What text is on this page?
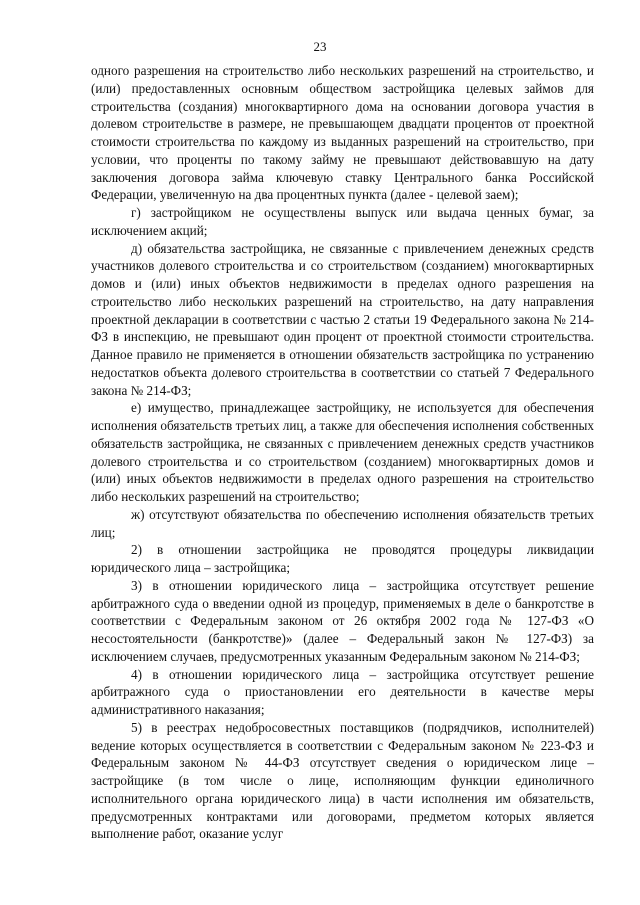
23

одного разрешения на строительство либо нескольких разрешений на строительство, и (или) предоставленных основным обществом застройщика целевых займов для строительства (создания) многоквартирного дома на основании договора участия в долевом строительстве в размере, не превышающем двадцати процентов от проектной стоимости строительства по каждому из выданных разрешений на строительство, при условии, что проценты по такому займу не превышают действовавшую на дату заключения договора займа ключевую ставку Центрального банка Российской Федерации, увеличенную на два процентных пункта (далее - целевой заем);

г) застройщиком не осуществлены выпуск или выдача ценных бумаг, за исключением акций;

д) обязательства застройщика, не связанные с привлечением денежных средств участников долевого строительства и со строительством (созданием) многоквартирных домов и (или) иных объектов недвижимости в пределах одного разрешения на строительство либо нескольких разрешений на строительство, на дату направления проектной декларации в соответствии с частью 2 статьи 19 Федерального закона № 214-ФЗ в инспекцию, не превышают один процент от проектной стоимости строительства. Данное правило не применяется в отношении обязательств застройщика по устранению недостатков объекта долевого строительства в соответствии со статьей 7 Федерального закона № 214-ФЗ;

е) имущество, принадлежащее застройщику, не используется для обеспечения исполнения обязательств третьих лиц, а также для обеспечения исполнения собственных обязательств застройщика, не связанных с привлечением денежных средств участников долевого строительства и со строительством (созданием) многоквартирных домов и (или) иных объектов недвижимости в пределах одного разрешения на строительство либо нескольких разрешений на строительство;

ж) отсутствуют обязательства по обеспечению исполнения обязательств третьих лиц;

2) в отношении застройщика не проводятся процедуры ликвидации юридического лица – застройщика;

3) в отношении юридического лица – застройщика отсутствует решение арбитражного суда о введении одной из процедур, применяемых в деле о банкротстве в соответствии с Федеральным законом от 26 октября 2002 года № 127-ФЗ «О несостоятельности (банкротстве)» (далее – Федеральный закон № 127-ФЗ) за исключением случаев, предусмотренных указанным Федеральным законом № 214-ФЗ;

4) в отношении юридического лица – застройщика отсутствует решение арбитражного суда о приостановлении его деятельности в качестве меры административного наказания;

5) в реестрах недобросовестных поставщиков (подрядчиков, исполнителей) ведение которых осуществляется в соответствии с Федеральным законом № 223-ФЗ и Федеральным законом № 44-ФЗ отсутствует сведения о юридическом лице – застройщике (в том числе о лице, исполняющим функции единоличного исполнительного органа юридического лица) в части исполнения им обязательств, предусмотренных контрактами или договорами, предметом которых является выполнение работ, оказание услуг
